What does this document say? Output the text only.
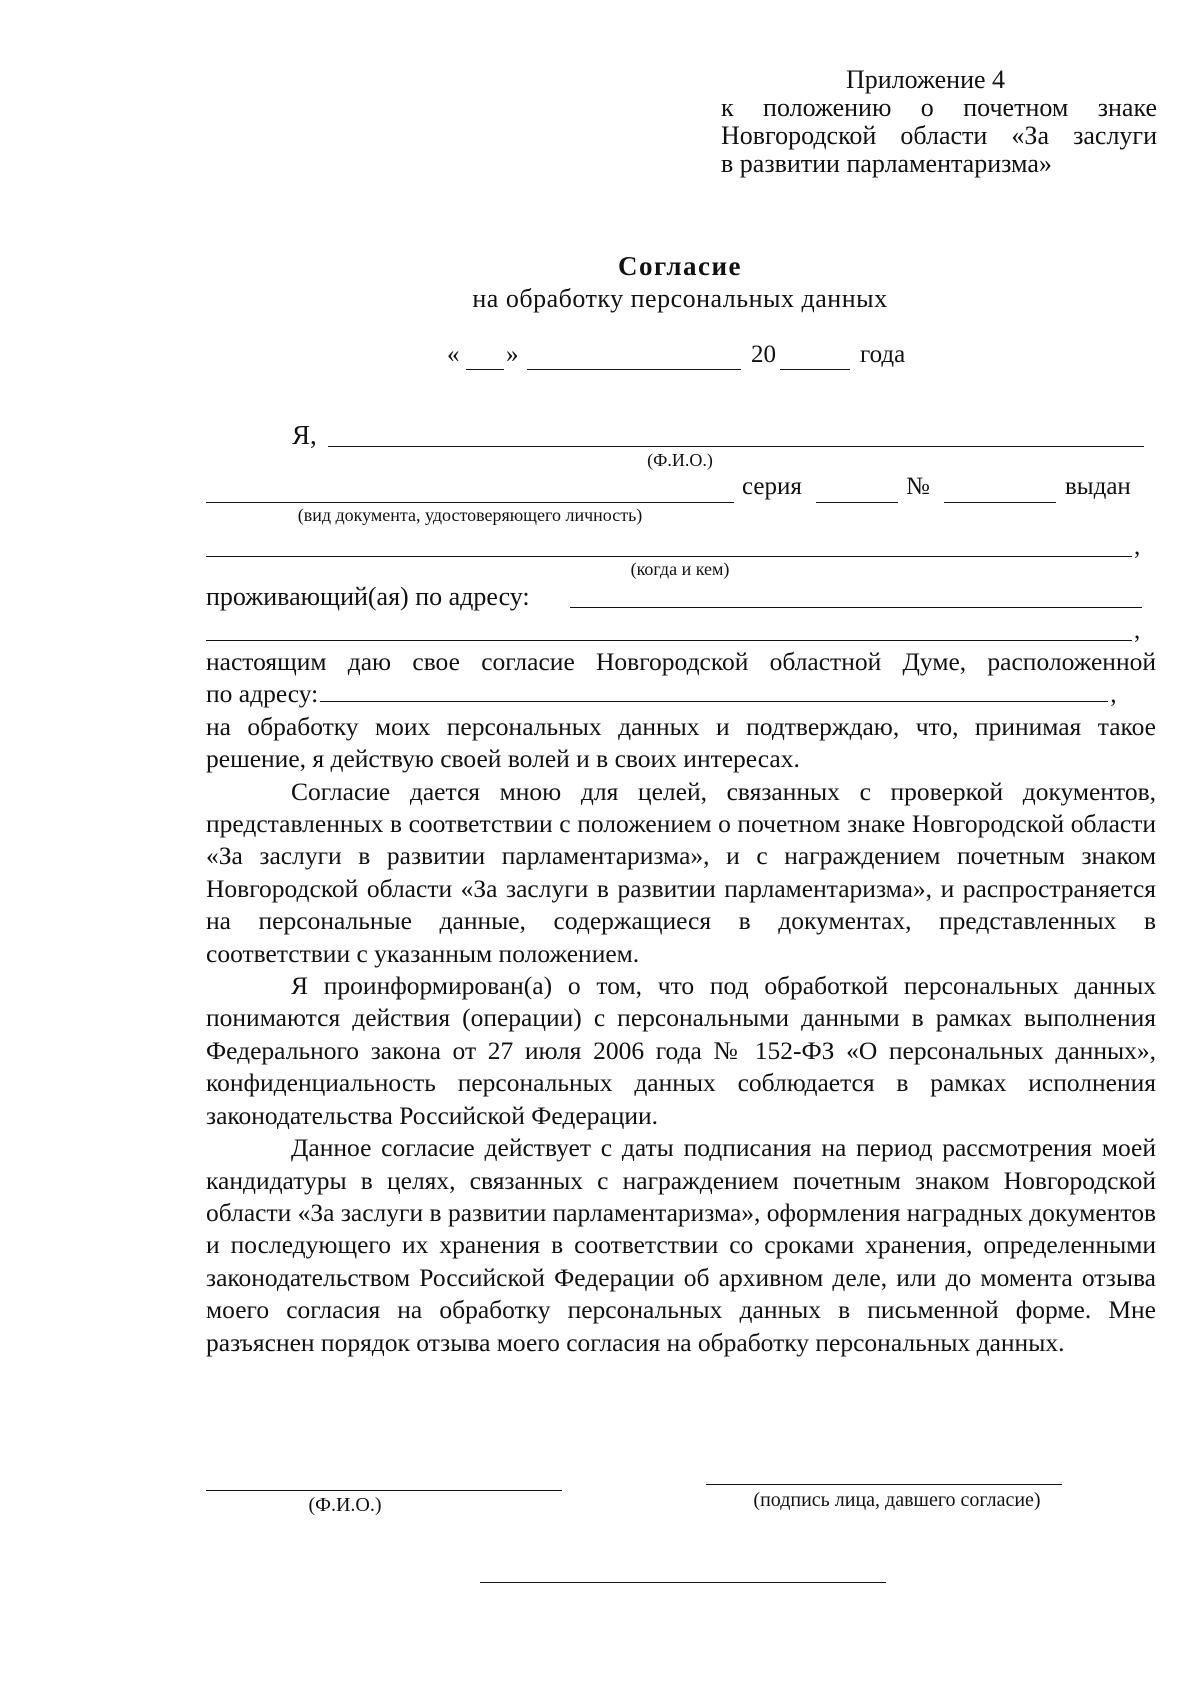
Приложение 4
к положению о почетном знаке
Новгородской области «За заслуги
в развитии парламентаризма»
Согласие
на обработку персональных данных
« »	20	года
Я,
(Ф.И.О.)
серия	№	выдан
(вид документа, удостоверяющего личность)
,
(когда и кем)
проживающий(ая) по адресу:
,

настоящим даю свое согласие Новгородской областной Думе, расположенной

по адресу:	,

на обработку моих персональных данных и подтверждаю, что, принимая такое решение, я действую своей волей и в своих интересах.

Согласие дается мною для целей, связанных с проверкой документов, представленных в соответствии с положением о почетном знаке Новгородской области «За заслуги в развитии парламентаризма», и с награждением почетным знаком Новгородской области «За заслуги в развитии парламентаризма», и распространяется на персональные данные, содержащиеся в документах, представленных в соответствии с указанным положением.

Я проинформирован(а) о том, что под обработкой персональных данных понимаются действия (операции) с персональными данными в рамках выполнения Федерального закона от 27 июля 2006 года № 152-ФЗ «О персональных данных», конфиденциальность персональных данных соблюдается в рамках исполнения законодательства Российской Федерации.

Данное согласие действует с даты подписания на период рассмотрения моей кандидатуры в целях, связанных с награждением почетным знаком Новгородской области «За заслуги в развитии парламентаризма», оформления наградных документов и последующего их хранения в соответствии со сроками хранения, определенными законодательством Российской Федерации об архивном деле, или до момента отзыва моего согласия на обработку персональных данных в письменной форме. Мне разъяснен порядок отзыва моего согласия на обработку персональных данных.

(Ф.И.О.)	(подпись лица, давшего согласие)
